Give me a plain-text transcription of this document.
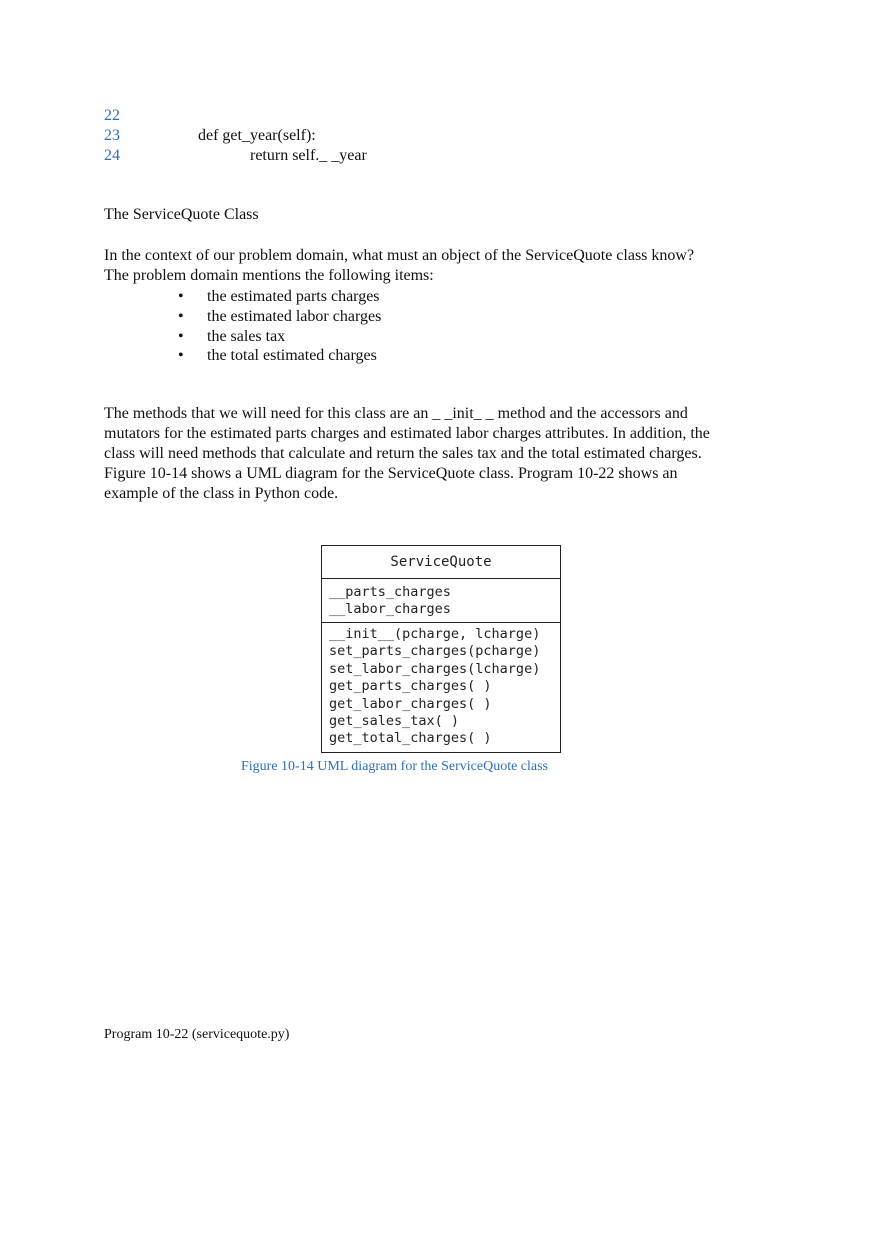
22
23	def get_year(self):
24	return self._ _year
The ServiceQuote Class
In the context of our problem domain, what must an object of the ServiceQuote class know?
The problem domain mentions the following items:
• the estimated parts charges
• the estimated labor charges
• the sales tax
• the total estimated charges
The methods that we will need for this class are an _ _init_ _ method and the accessors and
mutators for the estimated parts charges and estimated labor charges attributes. In addition, the
class will need methods that calculate and return the sales tax and the total estimated charges.
Figure 10-14 shows a UML diagram for the ServiceQuote class. Program 10-22 shows an
example of the class in Python code.
ServiceQuote
__parts_charges
__labor_charges
__init__(pcharge, lcharge)
set_parts_charges(pcharge)
set_labor_charges(lcharge)
get_parts_charges( )
get_labor_charges( )
get_sales_tax( )
get_total_charges( )
Figure 10-14 UML diagram for the ServiceQuote class
Program 10-22 (servicequote.py)
